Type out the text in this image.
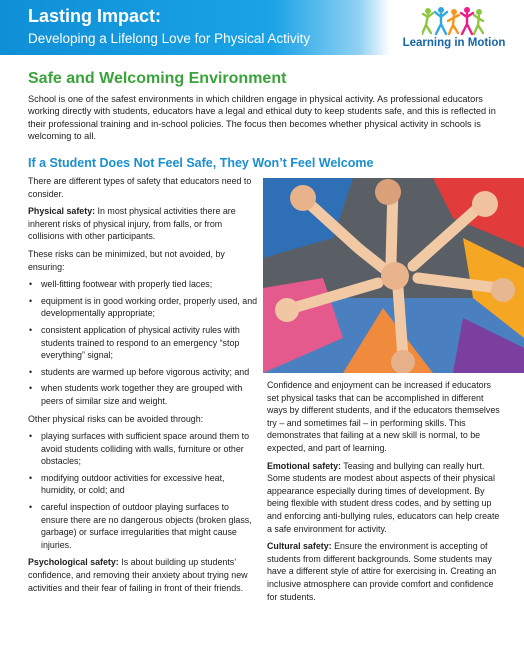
Lasting Impact:
Developing a Lifelong Love for Physical Activity	Learning in Motion
Safe and Welcoming Environment

School is one of the safest environments in which children engage in physical activity. As professional educators working directly with students, educators have a legal and ethical duty to keep students safe, and this is reflected in their professional training and in-school policies. The focus then becomes whether physical activity in schools is welcoming to all.

If a Student Does Not Feel Safe, They Won’t Feel Welcome

There are different types of safety that educators need to consider.

Physical safety: In most physical activities there are inherent risks of physical injury, from falls, or from collisions with other participants.

These risks can be minimized, but not avoided, by ensuring:

• well-fitting footwear with properly tied laces;
• equipment is in good working order, properly used, and developmentally appropriate;
• consistent application of physical activity rules with students trained to respond to an emergency “stop everything” signal;
• students are warmed up before vigorous activity; and
• when students work together they are grouped with peers of similar size and weight.

Other physical risks can be avoided through:

• playing surfaces with sufficient space around them to avoid students colliding with walls, furniture or other obstacles;
• modifying outdoor activities for excessive heat, humidity, or cold; and
• careful inspection of outdoor playing surfaces to ensure there are no dangerous objects (broken glass, garbage) or surface irregularities that might cause injuries.

Psychological safety: Is about building up students’ confidence, and removing their anxiety about trying new activities and their fear of failing in front of their friends.

Confidence and enjoyment can be increased if educators set physical tasks that can be accomplished in different ways by different students, and if the educators themselves try – and sometimes fail – in performing skills. This demonstrates that failing at a new skill is normal, to be expected, and part of learning.

Emotional safety: Teasing and bullying can really hurt. Some students are modest about aspects of their physical appearance especially during times of development. By being flexible with student dress codes, and by setting up and enforcing anti-bullying rules, educators can help create a safe environment for activity.

Cultural safety: Ensure the environment is accepting of students from different backgrounds. Some students may have a different style of attire for exercising in. Creating an inclusive atmosphere can provide comfort and confidence for students.
